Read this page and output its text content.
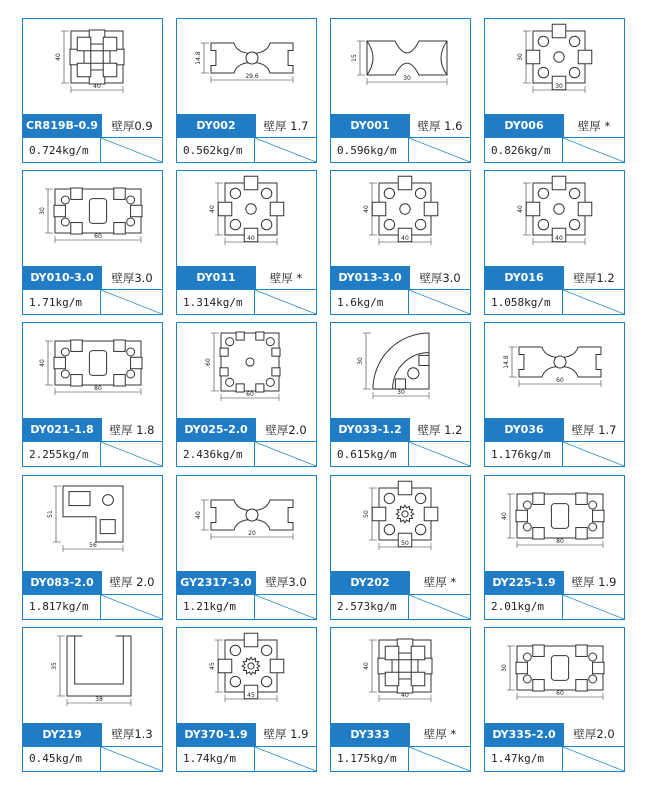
40
40
CR819B-0.9	壁厚0.9
0.724kg/m
14.8
29.6
DY002	壁厚 1.7
0.562kg/m
15
30
DY001	壁厚 1.6
0.596kg/m
30
30
DY006	壁厚 *
0.826kg/m
30
60
DY010-3.0	壁厚3.0
1.71kg/m
40
40
DY011	壁厚 *
1.314kg/m
40
40
DY013-3.0	壁厚3.0
1.6kg/m
40
40
DY016	壁厚1.2
1.058kg/m
40
80
DY021-1.8	壁厚 1.8
2.255kg/m
60
60
DY025-2.0	壁厚2.0
2.436kg/m
30
30
DY033-1.2	壁厚 1.2
0.615kg/m
14.8
60
DY036	壁厚 1.7
1.176kg/m
51
56
DY083-2.0	壁厚 2.0
1.817kg/m
40
20
GY2317-3.0	壁厚3.0
1.21kg/m
50
50
DY202	壁厚 *
2.573kg/m
40
80
DY225-1.9	壁厚 1.9
2.01kg/m
35
38
DY219	壁厚1.3
0.45kg/m
45
45
DY370-1.9	壁厚 1.9
1.74kg/m
40
40
DY333	壁厚 *
1.175kg/m
30
60
DY335-2.0	壁厚2.0
1.47kg/m
